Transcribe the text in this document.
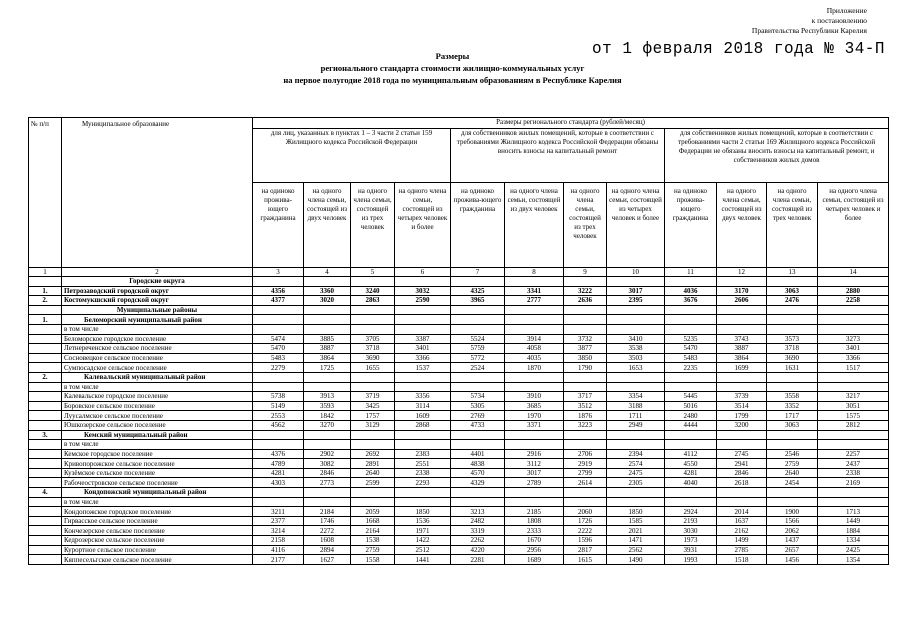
Приложение
к постановлению
Правительства Республики Карелия
от 1 февраля 2018 года № 34-П
Размеры
регионального стандарта стоимости жилищно-коммунальных услуг
на первое полугодие 2018 года по муниципальным образованиям в Республике Карелия
№ п/п	Муниципальное образование	Размеры регионального стандарта (рублей/месяц)											
		для лиц, указанных в пунктах 1 – 3 части 2 статьи 159 Жилищного кодекса Российской Федерации				для собственников жилых помещений, которые в соответствии с требованиями Жилищного кодекса Российской Федерации обязаны вносить взносы на капитальный ремонт				для собственников жилых помещений, которые в соответствии с требованиями части 2 статьи 169 Жилищного кодекса Российской Федерации не обязаны вносить взносы на капитальный ремонт, и собственников жилых домов			
		на одиноко прожива-ющего гражданина	на одного члена семьи, состоящей из двух человек	на одного члена семьи, состоящей из трех человек	на одного члена семьи, состоящей из четырех человек и более	на одиноко прожива-ющего гражданина	на одного члена семьи, состоящей из двух человек	на одного члена семьи, состоящей из трех человек	на одного члена семьи, состоящей из четырех человек и более	на одиноко прожива-ющего гражданина	на одного члена семьи, состоящей из двух человек	на одного члена семьи, состоящей из трех человек	на одного члена семьи, состоящей из четырех человек и более
1	2	3	4	5	6	7	8	9	10	11	12	13	14
	Городские округа												
1.	Петрозаводский городской округ	4356	3360	3240	3032	4325	3341	3222	3017	4036	3170	3063	2880
2.	Костомукшский городской округ	4377	3020	2863	2590	3965	2777	2636	2395	3676	2606	2476	2258
	Муниципальные районы												
1.	Беломорский муниципальный район												
	в том числе												
	Беломорское городское поселение	5474	3885	3705	3387	5524	3914	3732	3410	5235	3743	3573	3273
	Летнереченское сельское поселение	5470	3887	3718	3401	5759	4058	3877	3538	5470	3887	3718	3401
	Сосновецкое сельское поселение	5483	3864	3690	3366	5772	4035	3850	3503	5483	3864	3690	3366
	Сумпосадское сельское поселение	2279	1725	1655	1537	2524	1870	1790	1653	2235	1699	1631	1517
2.	Калевальский муниципальный район												
	в том числе												
	Калевальское городское поселение	5738	3913	3719	3356	5734	3910	3717	3354	5445	3739	3558	3217
	Боровское сельское поселение	5149	3593	3425	3114	5305	3685	3512	3188	5016	3514	3352	3051
	Луусалмское сельское поселение	2553	1842	1757	1609	2769	1970	1876	1711	2480	1799	1717	1575
	Юшкозерское сельское поселение	4562	3270	3129	2868	4733	3371	3223	2949	4444	3200	3063	2812
3.	Кемский муниципальный район												
	в том числе												
	Кемское городское поселение	4376	2902	2692	2383	4401	2916	2706	2394	4112	2745	2546	2257
	Кривопорожское сельское поселение	4789	3082	2891	2551	4838	3112	2919	2574	4550	2941	2759	2437
	Кузёмское сельское поселение	4281	2846	2640	2338	4570	3017	2799	2475	4281	2846	2640	2338
	Рабочеостровское сельское поселение	4303	2773	2599	2293	4329	2789	2614	2305	4040	2618	2454	2169
4.	Кондопожский муниципальный район												
	в том числе												
	Кондопожское городское поселение	3211	2184	2059	1850	3213	2185	2060	1850	2924	2014	1900	1713
	Гирвасское сельское поселение	2377	1746	1668	1536	2482	1808	1726	1585	2193	1637	1566	1449
	Кончезерское сельское поселение	3214	2272	2164	1971	3319	2333	2222	2021	3030	2162	2062	1884
	Кедрозерское сельское поселение	2158	1608	1538	1422	2262	1670	1596	1471	1973	1499	1437	1334
	Курортное сельское поселение	4116	2894	2759	2512	4220	2956	2817	2562	3931	2785	2657	2425
	Кяппесельгское сельское поселение	2177	1627	1558	1441	2281	1689	1615	1490	1993	1518	1456	1354
